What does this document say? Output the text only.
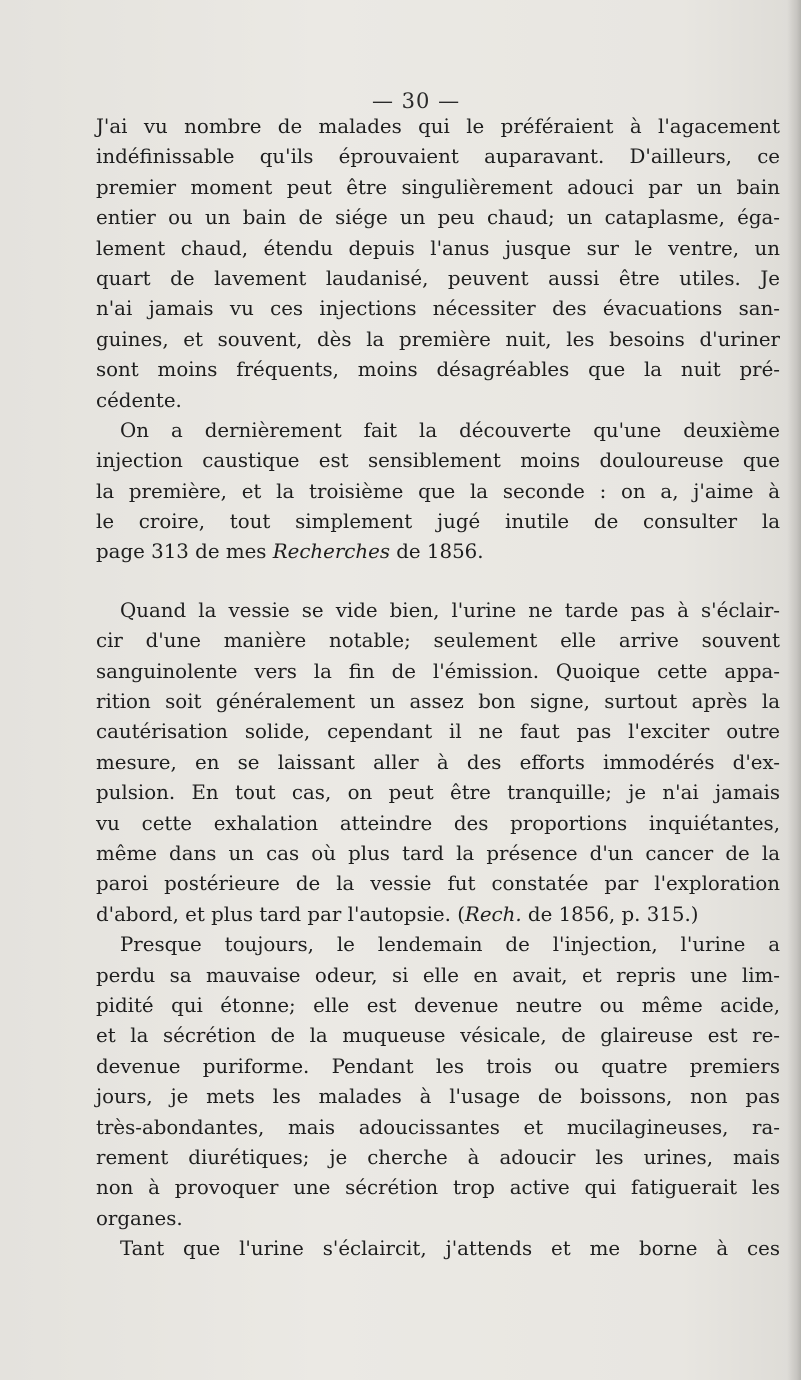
— 30 —

J'ai vu nombre de malades qui le préféraient à l'agacement
indéfinissable qu'ils éprouvaient auparavant. D'ailleurs, ce
premier moment peut être singulièrement adouci par un bain
entier ou un bain de siége un peu chaud; un cataplasme, éga-
lement chaud, étendu depuis l'anus jusque sur le ventre, un
quart de lavement laudanisé, peuvent aussi être utiles. Je
n'ai jamais vu ces injections nécessiter des évacuations san-
guines, et souvent, dès la première nuit, les besoins d'uriner
sont moins fréquents, moins désagréables que la nuit pré-
cédente.

On a dernièrement fait la découverte qu'une deuxième
injection caustique est sensiblement moins douloureuse que
la première, et la troisième que la seconde : on a, j'aime à
le croire, tout simplement jugé inutile de consulter la
page 313 de mes Recherches de 1856.

Quand la vessie se vide bien, l'urine ne tarde pas à s'éclair-
cir d'une manière notable; seulement elle arrive souvent
sanguinolente vers la fin de l'émission. Quoique cette appa-
rition soit généralement un assez bon signe, surtout après la
cautérisation solide, cependant il ne faut pas l'exciter outre
mesure, en se laissant aller à des efforts immodérés d'ex-
pulsion. En tout cas, on peut être tranquille; je n'ai jamais
vu cette exhalation atteindre des proportions inquiétantes,
même dans un cas où plus tard la présence d'un cancer de la
paroi postérieure de la vessie fut constatée par l'exploration
d'abord, et plus tard par l'autopsie. (Rech. de 1856, p. 315.)

Presque toujours, le lendemain de l'injection, l'urine a
perdu sa mauvaise odeur, si elle en avait, et repris une lim-
pidité qui étonne; elle est devenue neutre ou même acide,
et la sécrétion de la muqueuse vésicale, de glaireuse est re-
devenue puriforme. Pendant les trois ou quatre premiers
jours, je mets les malades à l'usage de boissons, non pas
très-abondantes, mais adoucissantes et mucilagineuses, ra-
rement diurétiques; je cherche à adoucir les urines, mais
non à provoquer une sécrétion trop active qui fatiguerait les
organes.

Tant que l'urine s'éclaircit, j'attends et me borne à ces
